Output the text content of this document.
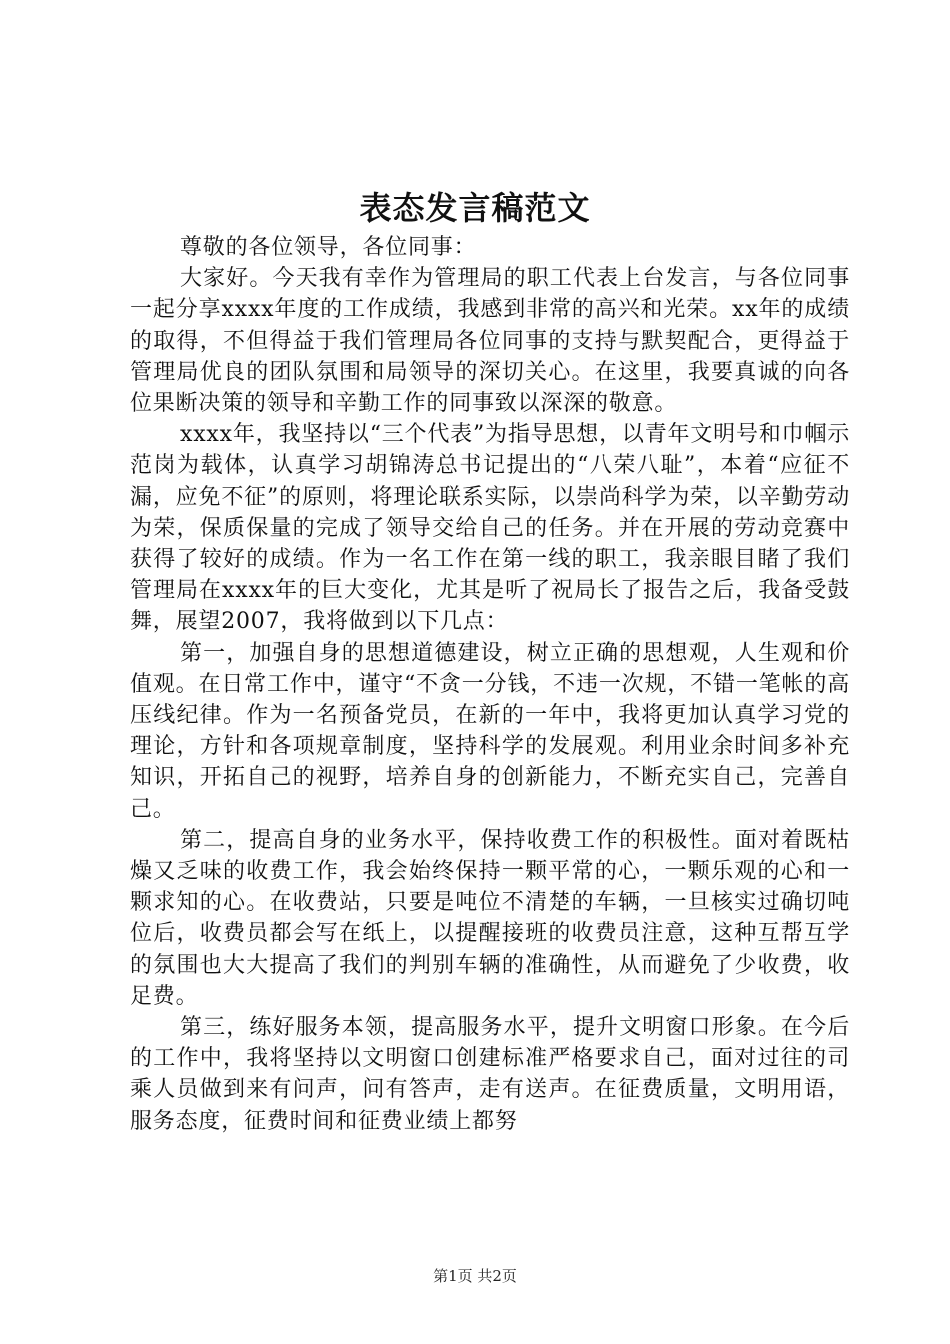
表态发言稿范文

尊敬的各位领导，各位同事：

大家好。今天我有幸作为管理局的职工代表上台发言，与各位同事一起分享xxxx年度的工作成绩，我感到非常的高兴和光荣。xx年的成绩的取得，不但得益于我们管理局各位同事的支持与默契配合，更得益于管理局优良的团队氛围和局领导的深切关心。在这里，我要真诚的向各位果断决策的领导和辛勤工作的同事致以深深的敬意。

xxxx年，我坚持以“三个代表”为指导思想，以青年文明号和巾帼示范岗为载体，认真学习胡锦涛总书记提出的“八荣八耻”，本着“应征不漏，应免不征”的原则，将理论联系实际，以崇尚科学为荣，以辛勤劳动为荣，保质保量的完成了领导交给自己的任务。并在开展的劳动竞赛中获得了较好的成绩。作为一名工作在第一线的职工，我亲眼目睹了我们管理局在xxxx年的巨大变化，尤其是听了祝局长了报告之后，我备受鼓舞，展望2007，我将做到以下几点：

第一，加强自身的思想道德建设，树立正确的思想观，人生观和价值观。在日常工作中，谨守“不贪一分钱，不违一次规，不错一笔帐的高压线纪律。作为一名预备党员，在新的一年中，我将更加认真学习党的理论，方针和各项规章制度，坚持科学的发展观。利用业余时间多补充知识，开拓自己的视野，培养自身的创新能力，不断充实自己，完善自己。

第二，提高自身的业务水平，保持收费工作的积极性。面对着既枯燥又乏味的收费工作，我会始终保持一颗平常的心，一颗乐观的心和一颗求知的心。在收费站，只要是吨位不清楚的车辆，一旦核实过确切吨位后，收费员都会写在纸上，以提醒接班的收费员注意，这种互帮互学的氛围也大大提高了我们的判别车辆的准确性，从而避免了少收费，收足费。

第三，练好服务本领，提高服务水平，提升文明窗口形象。在今后的工作中，我将坚持以文明窗口创建标准严格要求自己，面对过往的司乘人员做到来有问声，问有答声，走有送声。在征费质量，文明用语，服务态度，征费时间和征费业绩上都努

第1页 共2页
